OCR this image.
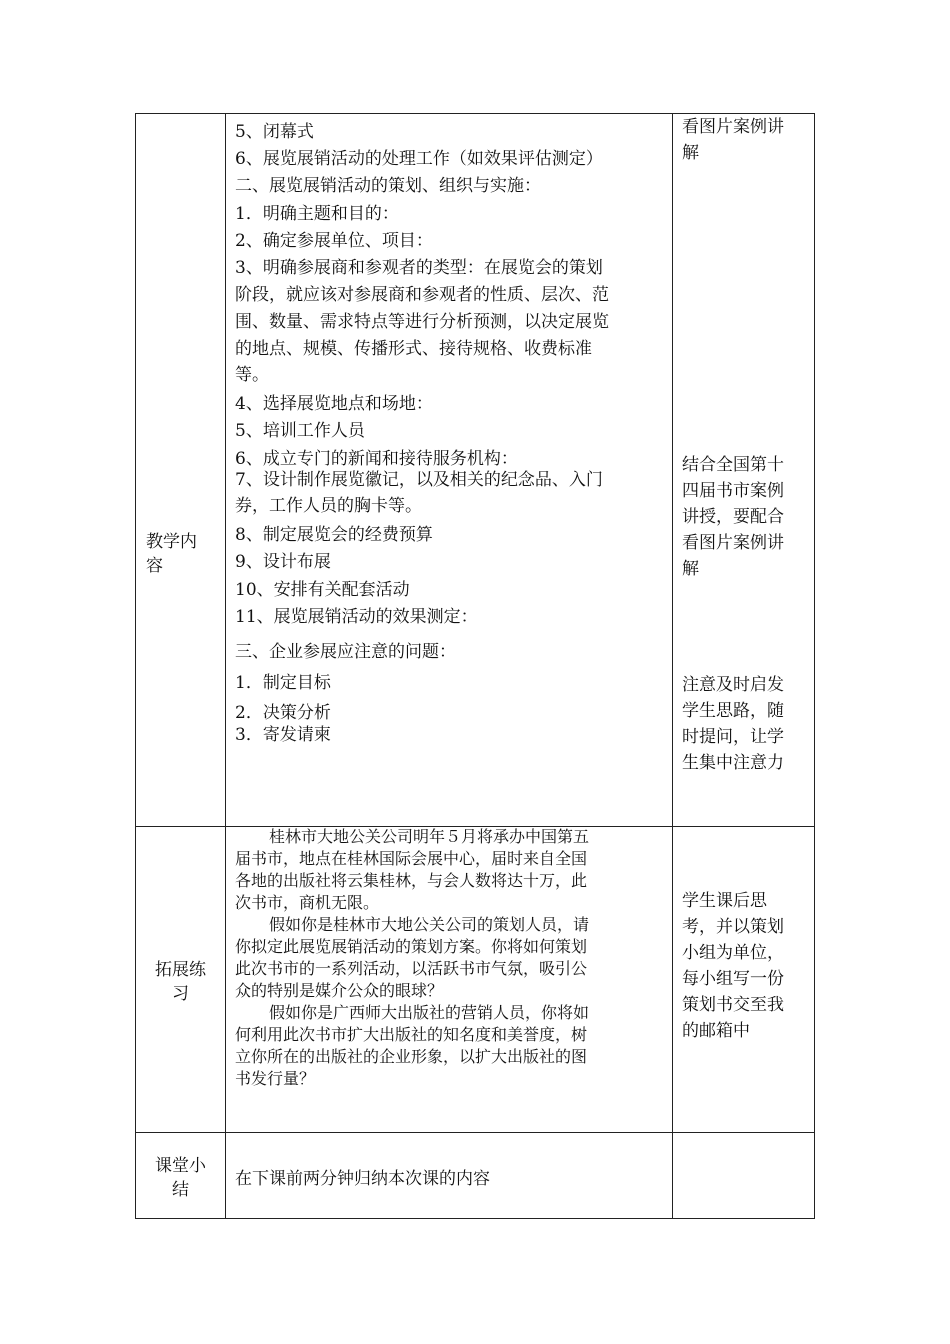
教学内
容
5、闭幕式
6、展览展销活动的处理工作（如效果评估测定）
二、展览展销活动的策划、组织与实施：
1．明确主题和目的：
2、确定参展单位、项目：
3、明确参展商和参观者的类型：在展览会的策划
阶段，就应该对参展商和参观者的性质、层次、范
围、数量、需求特点等进行分析预测，以决定展览
的地点、规模、传播形式、接待规格、收费标准
等。
4、选择展览地点和场地：
5、培训工作人员
6、成立专门的新闻和接待服务机构：
7、设计制作展览徽记，以及相关的纪念品、入门
券，工作人员的胸卡等。
8、制定展览会的经费预算
9、设计布展
10、安排有关配套活动
11、展览展销活动的效果测定：
三、企业参展应注意的问题：
1．制定目标
2．决策分析
3．寄发请柬
看图片案例讲
解
结合全国第十
四届书市案例
讲授，要配合
看图片案例讲
解
注意及时启发
学生思路，随
时提问，让学
生集中注意力
拓展练
习
桂林市大地公关公司明年５月将承办中国第五
届书市，地点在桂林国际会展中心，届时来自全国
各地的出版社将云集桂林，与会人数将达十万，此
次书市，商机无限。
假如你是桂林市大地公关公司的策划人员，请
你拟定此展览展销活动的策划方案。你将如何策划
此次书市的一系列活动，以活跃书市气氛，吸引公
众的特别是媒介公众的眼球？
假如你是广西师大出版社的营销人员，你将如
何利用此次书市扩大出版社的知名度和美誉度，树
立你所在的出版社的企业形象，以扩大出版社的图
书发行量？
学生课后思
考，并以策划
小组为单位，
每小组写一份
策划书交至我
的邮箱中
课堂小
结
在下课前两分钟归纳本次课的内容
